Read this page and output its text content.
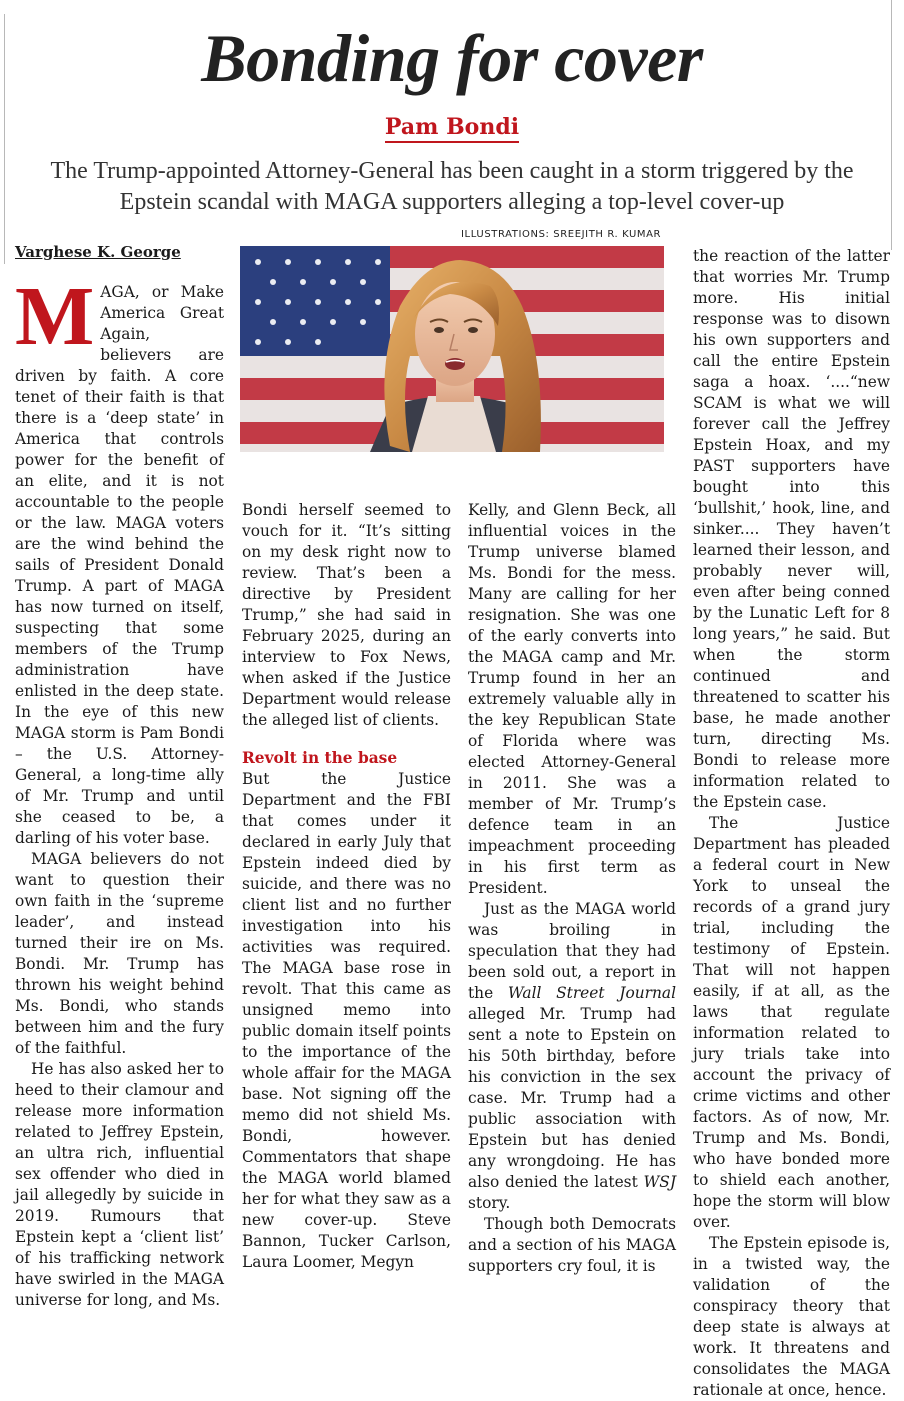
Bonding for cover
Pam Bondi
The Trump-appointed Attorney-General has been caught in a storm triggered by the Epstein scandal with MAGA supporters alleging a top-level cover-up
Varghese K. George
ILLUSTRATIONS: SREEJITH R. KUMAR

MAGA, or Make America Great Again, believers are driven by faith. A core tenet of their faith is that there is a ‘deep state’ in America that controls power for the benefit of an elite, and it is not accountable to the people or the law. MAGA voters are the wind behind the sails of President Donald Trump. A part of MAGA has now turned on itself, suspecting that some members of the Trump administration have enlisted in the deep state. In the eye of this new MAGA storm is Pam Bondi – the U.S. Attorney-General, a long-time ally of Mr. Trump and until she ceased to be, a darling of his voter base.

MAGA believers do not want to question their own faith in the ‘supreme leader’, and instead turned their ire on Ms. Bondi. Mr. Trump has thrown his weight behind Ms. Bondi, who stands between him and the fury of the faithful.

He has also asked her to heed to their clamour and release more information related to Jeffrey Epstein, an ultra rich, influential sex offender who died in jail allegedly by suicide in 2019. Rumours that Epstein kept a ‘client list’ of his trafficking network have swirled in the MAGA universe for long, and Ms.

Bondi herself seemed to vouch for it. “It’s sitting on my desk right now to review. That’s been a directive by President Trump,” she had said in February 2025, during an interview to Fox News, when asked if the Justice Department would release the alleged list of clients.

Revolt in the base

But the Justice Department and the FBI that comes under it declared in early July that Epstein indeed died by suicide, and there was no client list and no further investigation into his activities was required. The MAGA base rose in revolt. That this came as unsigned memo into public domain itself points to the importance of the whole affair for the MAGA base. Not signing off the memo did not shield Ms. Bondi, however. Commentators that shape the MAGA world blamed her for what they saw as a new cover-up. Steve Bannon, Tucker Carlson, Laura Loomer, Megyn

Kelly, and Glenn Beck, all influential voices in the Trump universe blamed Ms. Bondi for the mess. Many are calling for her resignation. She was one of the early converts into the MAGA camp and Mr. Trump found in her an extremely valuable ally in the key Republican State of Florida where was elected Attorney-General in 2011. She was a member of Mr. Trump’s defence team in an impeachment proceeding in his first term as President.

Just as the MAGA world was broiling in speculation that they had been sold out, a report in the Wall Street Journal alleged Mr. Trump had sent a note to Epstein on his 50th birthday, before his conviction in the sex case. Mr. Trump had a public association with Epstein but has denied any wrongdoing. He has also denied the latest WSJ story.

Though both Democrats and a section of his MAGA supporters cry foul, it is

the reaction of the latter that worries Mr. Trump more. His initial response was to disown his own supporters and call the entire Epstein saga a hoax. ‘....“new SCAM is what we will forever call the Jeffrey Epstein Hoax, and my PAST supporters have bought into this ‘bullshit,’ hook, line, and sinker.... They haven’t learned their lesson, and probably never will, even after being conned by the Lunatic Left for 8 long years,” he said. But when the storm continued and threatened to scatter his base, he made another turn, directing Ms. Bondi to release more information related to the Epstein case.

The Justice Department has pleaded a federal court in New York to unseal the records of a grand jury trial, including the testimony of Epstein. That will not happen easily, if at all, as the laws that regulate information related to jury trials take into account the privacy of crime victims and other factors. As of now, Mr. Trump and Ms. Bondi, who have bonded more to shield each another, hope the storm will blow over.

The Epstein episode is, in a twisted way, the validation of the conspiracy theory that deep state is always at work. It threatens and consolidates the MAGA rationale at once, hence.
